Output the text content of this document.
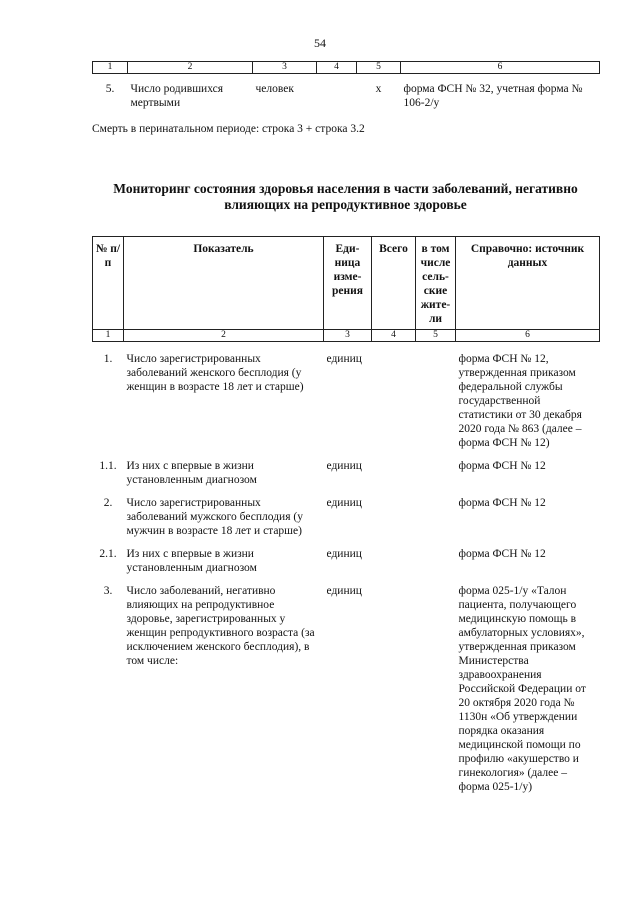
54
1	2	3	4	5	6
5.	Число родившихся мертвыми	человек		x	форма ФСН № 32, учетная форма № 106-2/у
Смерть в перинатальном периоде: строка 3 + строка 3.2
Мониторинг состояния здоровья населения в части заболеваний, негативно влияющих на репродуктивное здоровье
№ п/п	Показатель	Еди-ница изме-рения	Всего	в том числе сель-ские жите-ли	Справочно: источник данных
1	2	3	4	5	6
1.	Число зарегистрированных заболеваний женского бесплодия (у женщин в возрасте 18 лет и старше)	единиц			форма ФСН № 12, утвержденная приказом федеральной службы государственной статистики от 30 декабря 2020 года № 863 (далее – форма ФСН № 12)
1.1.	Из них с впервые в жизни установленным диагнозом	единиц			форма ФСН № 12
2.	Число зарегистрированных заболеваний мужского бесплодия (у мужчин в возрасте 18 лет и старше)	единиц			форма ФСН № 12
2.1.	Из них с впервые в жизни установленным диагнозом	единиц			форма ФСН № 12
3.	Число заболеваний, негативно влияющих на репродуктивное здоровье, зарегистрированных у женщин репродуктивного возраста (за исключением женского бесплодия), в том числе:	единиц			форма 025-1/у «Талон пациента, получающего медицинскую помощь в амбулаторных условиях», утвержденная приказом Министерства здравоохранения Российской Федерации от 20 октября 2020 года № 1130н «Об утверждении порядка оказания медицинской помощи по профилю «акушерство и гинекология» (далее – форма 025-1/у)
